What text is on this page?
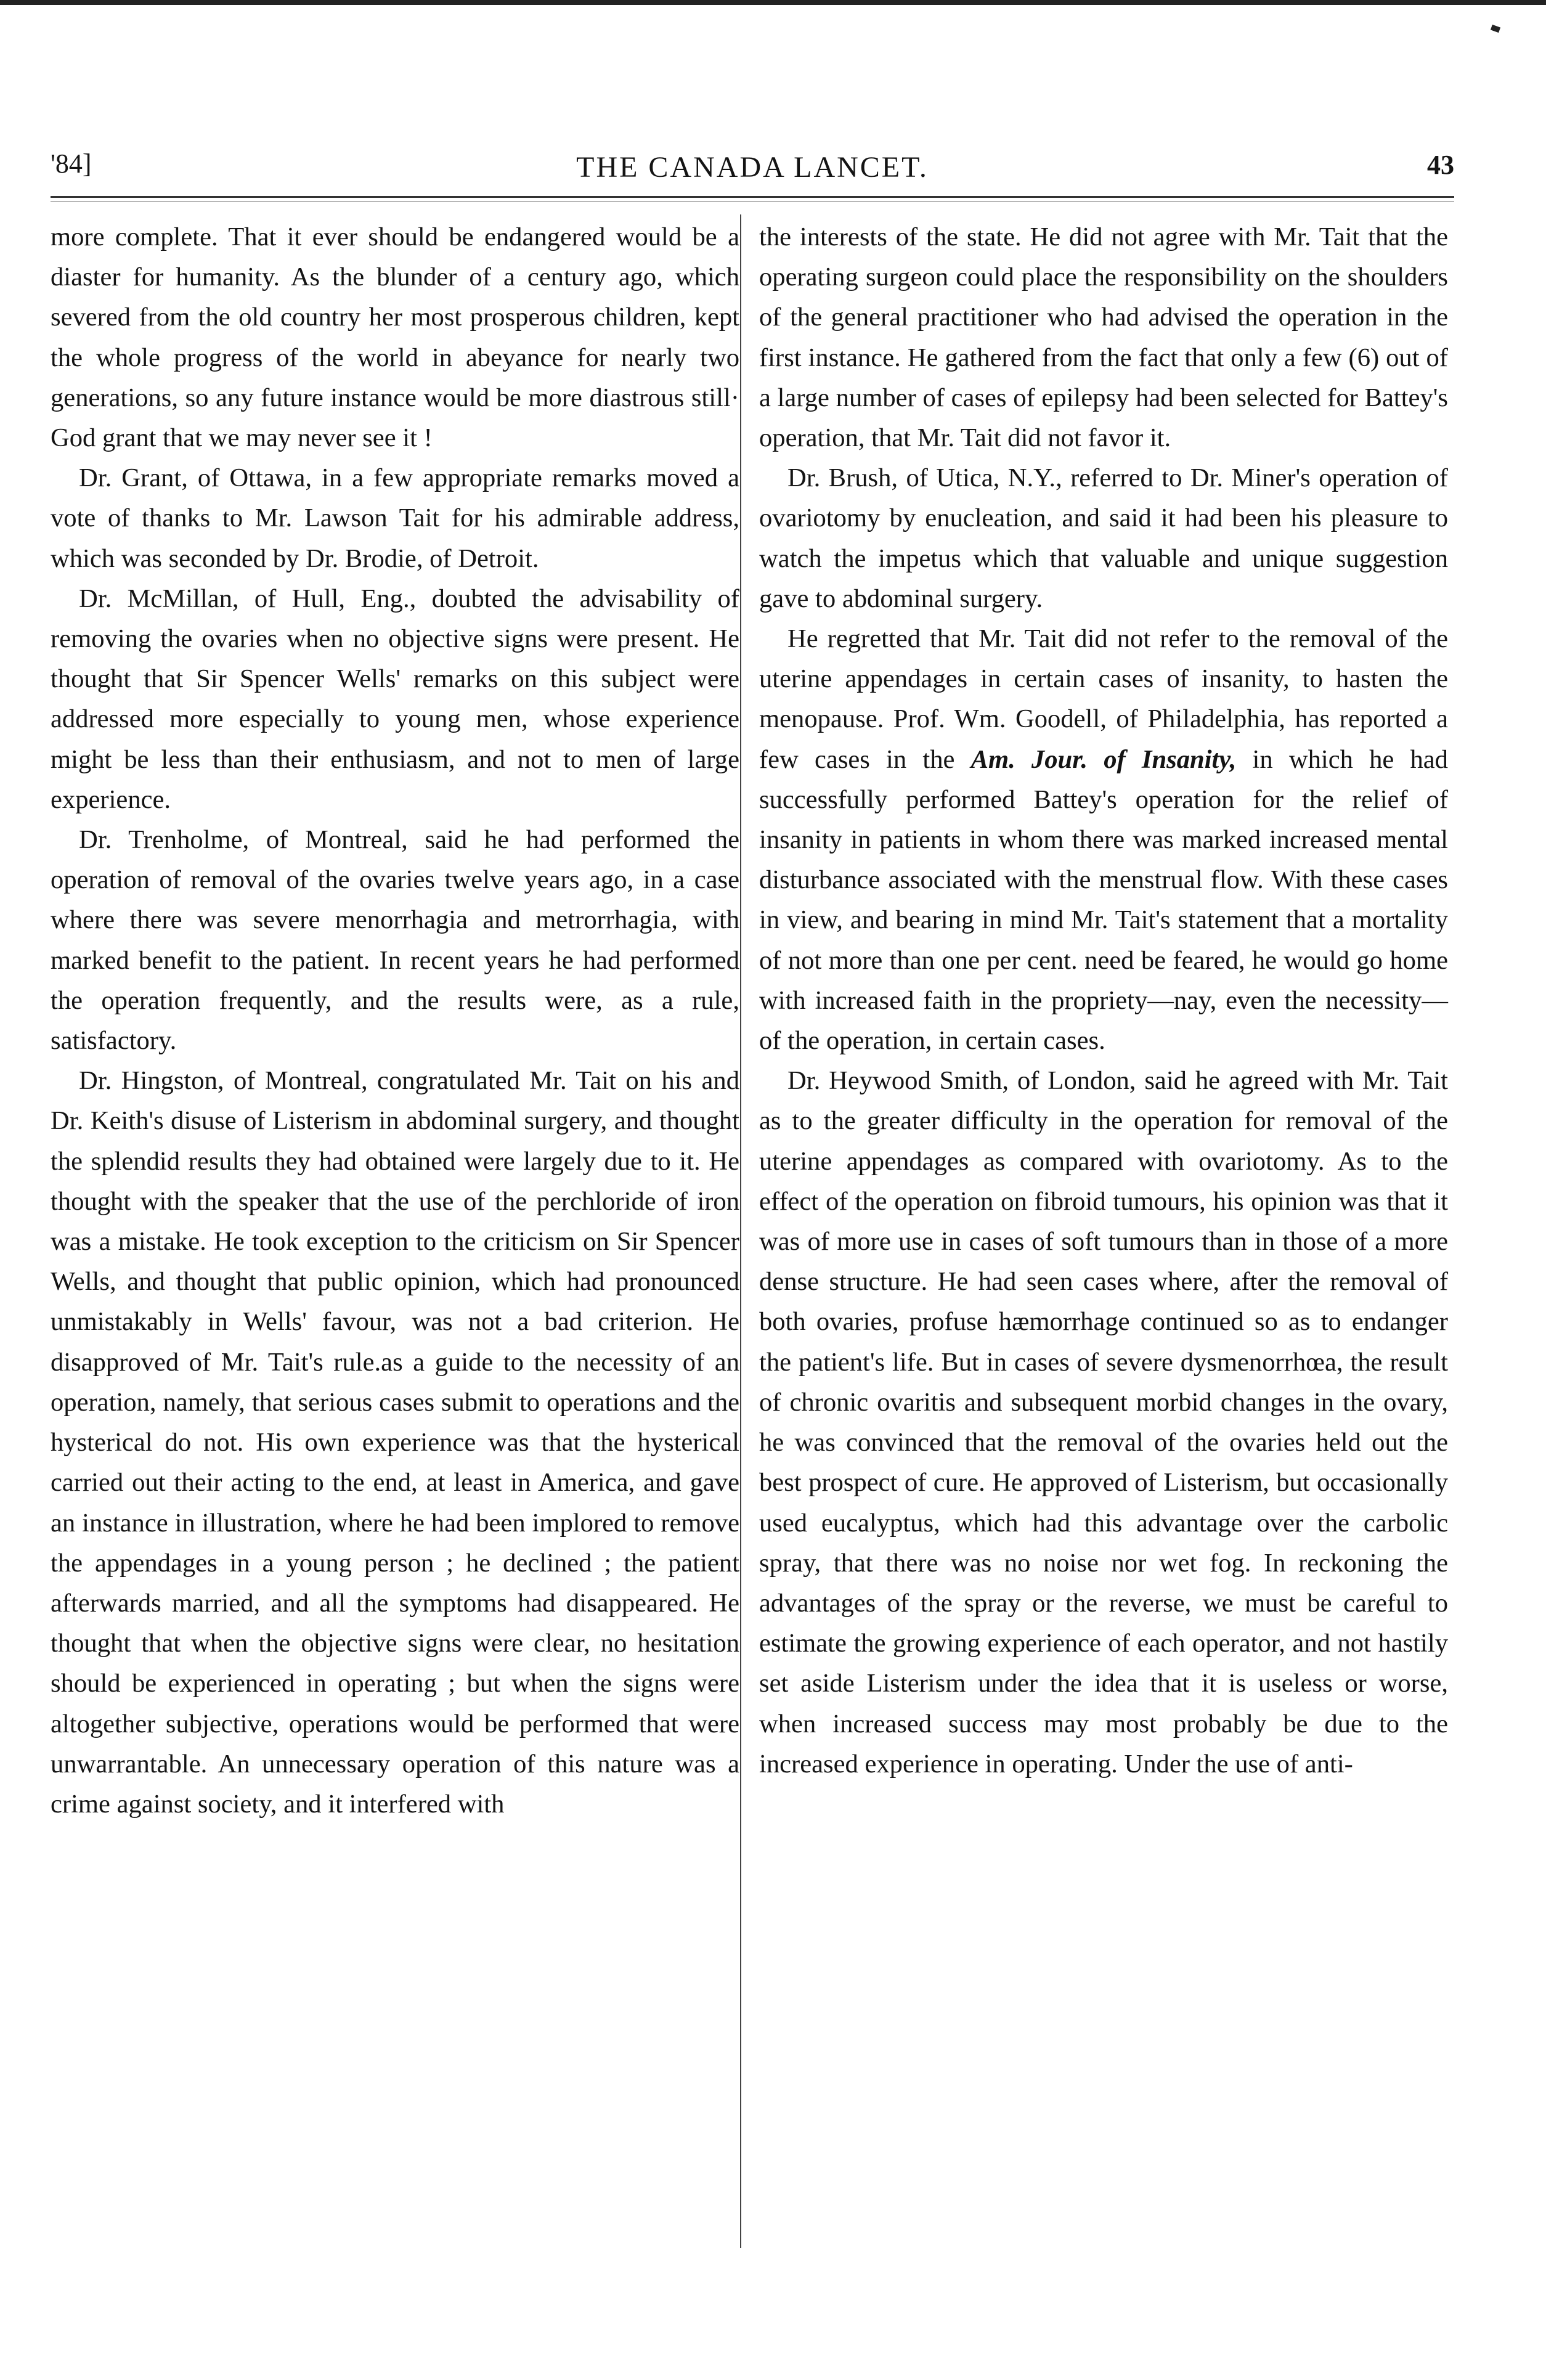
'84]	THE CANADA LANCET.	43

more complete. That it ever should be endangered would be a diaster for humanity. As the blunder of a century ago, which severed from the old country her most prosperous children, kept the whole progress of the world in abeyance for nearly two generations, so any future instance would be more diastrous still· God grant that we may never see it !

Dr. Grant, of Ottawa, in a few appropriate remarks moved a vote of thanks to Mr. Lawson Tait for his admirable address, which was seconded by Dr. Brodie, of Detroit.

Dr. McMillan, of Hull, Eng., doubted the advisability of removing the ovaries when no objective signs were present. He thought that Sir Spencer Wells' remarks on this subject were addressed more especially to young men, whose experience might be less than their enthusiasm, and not to men of large experience.

Dr. Trenholme, of Montreal, said he had performed the operation of removal of the ovaries twelve years ago, in a case where there was severe menorrhagia and metrorrhagia, with marked benefit to the patient. In recent years he had performed the operation frequently, and the results were, as a rule, satisfactory.

Dr. Hingston, of Montreal, congratulated Mr. Tait on his and Dr. Keith's disuse of Listerism in abdominal surgery, and thought the splendid results they had obtained were largely due to it. He thought with the speaker that the use of the perchloride of iron was a mistake. He took exception to the criticism on Sir Spencer Wells, and thought that public opinion, which had pronounced unmistakably in Wells' favour, was not a bad criterion. He disapproved of Mr. Tait's rule.as a guide to the necessity of an operation, namely, that serious cases submit to operations and the hysterical do not. His own experience was that the hysterical carried out their acting to the end, at least in America, and gave an instance in illustration, where he had been implored to remove the appendages in a young person ; he declined ; the patient afterwards married, and all the symptoms had disappeared. He thought that when the objective signs were clear, no hesitation should be experienced in operating ; but when the signs were altogether subjective, operations would be performed that were unwarrantable. An unnecessary operation of this nature was a crime against society, and it interfered with

the interests of the state. He did not agree with Mr. Tait that the operating surgeon could place the responsibility on the shoulders of the general practitioner who had advised the operation in the first instance. He gathered from the fact that only a few (6) out of a large number of cases of epilepsy had been selected for Battey's operation, that Mr. Tait did not favor it.

Dr. Brush, of Utica, N.Y., referred to Dr. Miner's operation of ovariotomy by enucleation, and said it had been his pleasure to watch the impetus which that valuable and unique suggestion gave to abdominal surgery.

He regretted that Mr. Tait did not refer to the removal of the uterine appendages in certain cases of insanity, to hasten the menopause. Prof. Wm. Goodell, of Philadelphia, has reported a few cases in the Am. Jour. of Insanity, in which he had successfully performed Battey's operation for the relief of insanity in patients in whom there was marked increased mental disturbance associated with the menstrual flow. With these cases in view, and bearing in mind Mr. Tait's statement that a mortality of not more than one per cent. need be feared, he would go home with increased faith in the propriety—nay, even the necessity—of the operation, in certain cases.

Dr. Heywood Smith, of London, said he agreed with Mr. Tait as to the greater difficulty in the operation for removal of the uterine appendages as compared with ovariotomy. As to the effect of the operation on fibroid tumours, his opinion was that it was of more use in cases of soft tumours than in those of a more dense structure. He had seen cases where, after the removal of both ovaries, profuse hæmorrhage continued so as to endanger the patient's life. But in cases of severe dysmenorrhœa, the result of chronic ovaritis and subsequent morbid changes in the ovary, he was convinced that the removal of the ovaries held out the best prospect of cure. He approved of Listerism, but occasionally used eucalyptus, which had this advantage over the carbolic spray, that there was no noise nor wet fog. In reckoning the advantages of the spray or the reverse, we must be careful to estimate the growing experience of each operator, and not hastily set aside Listerism under the idea that it is useless or worse, when increased success may most probably be due to the increased experience in operating. Under the use of anti-
